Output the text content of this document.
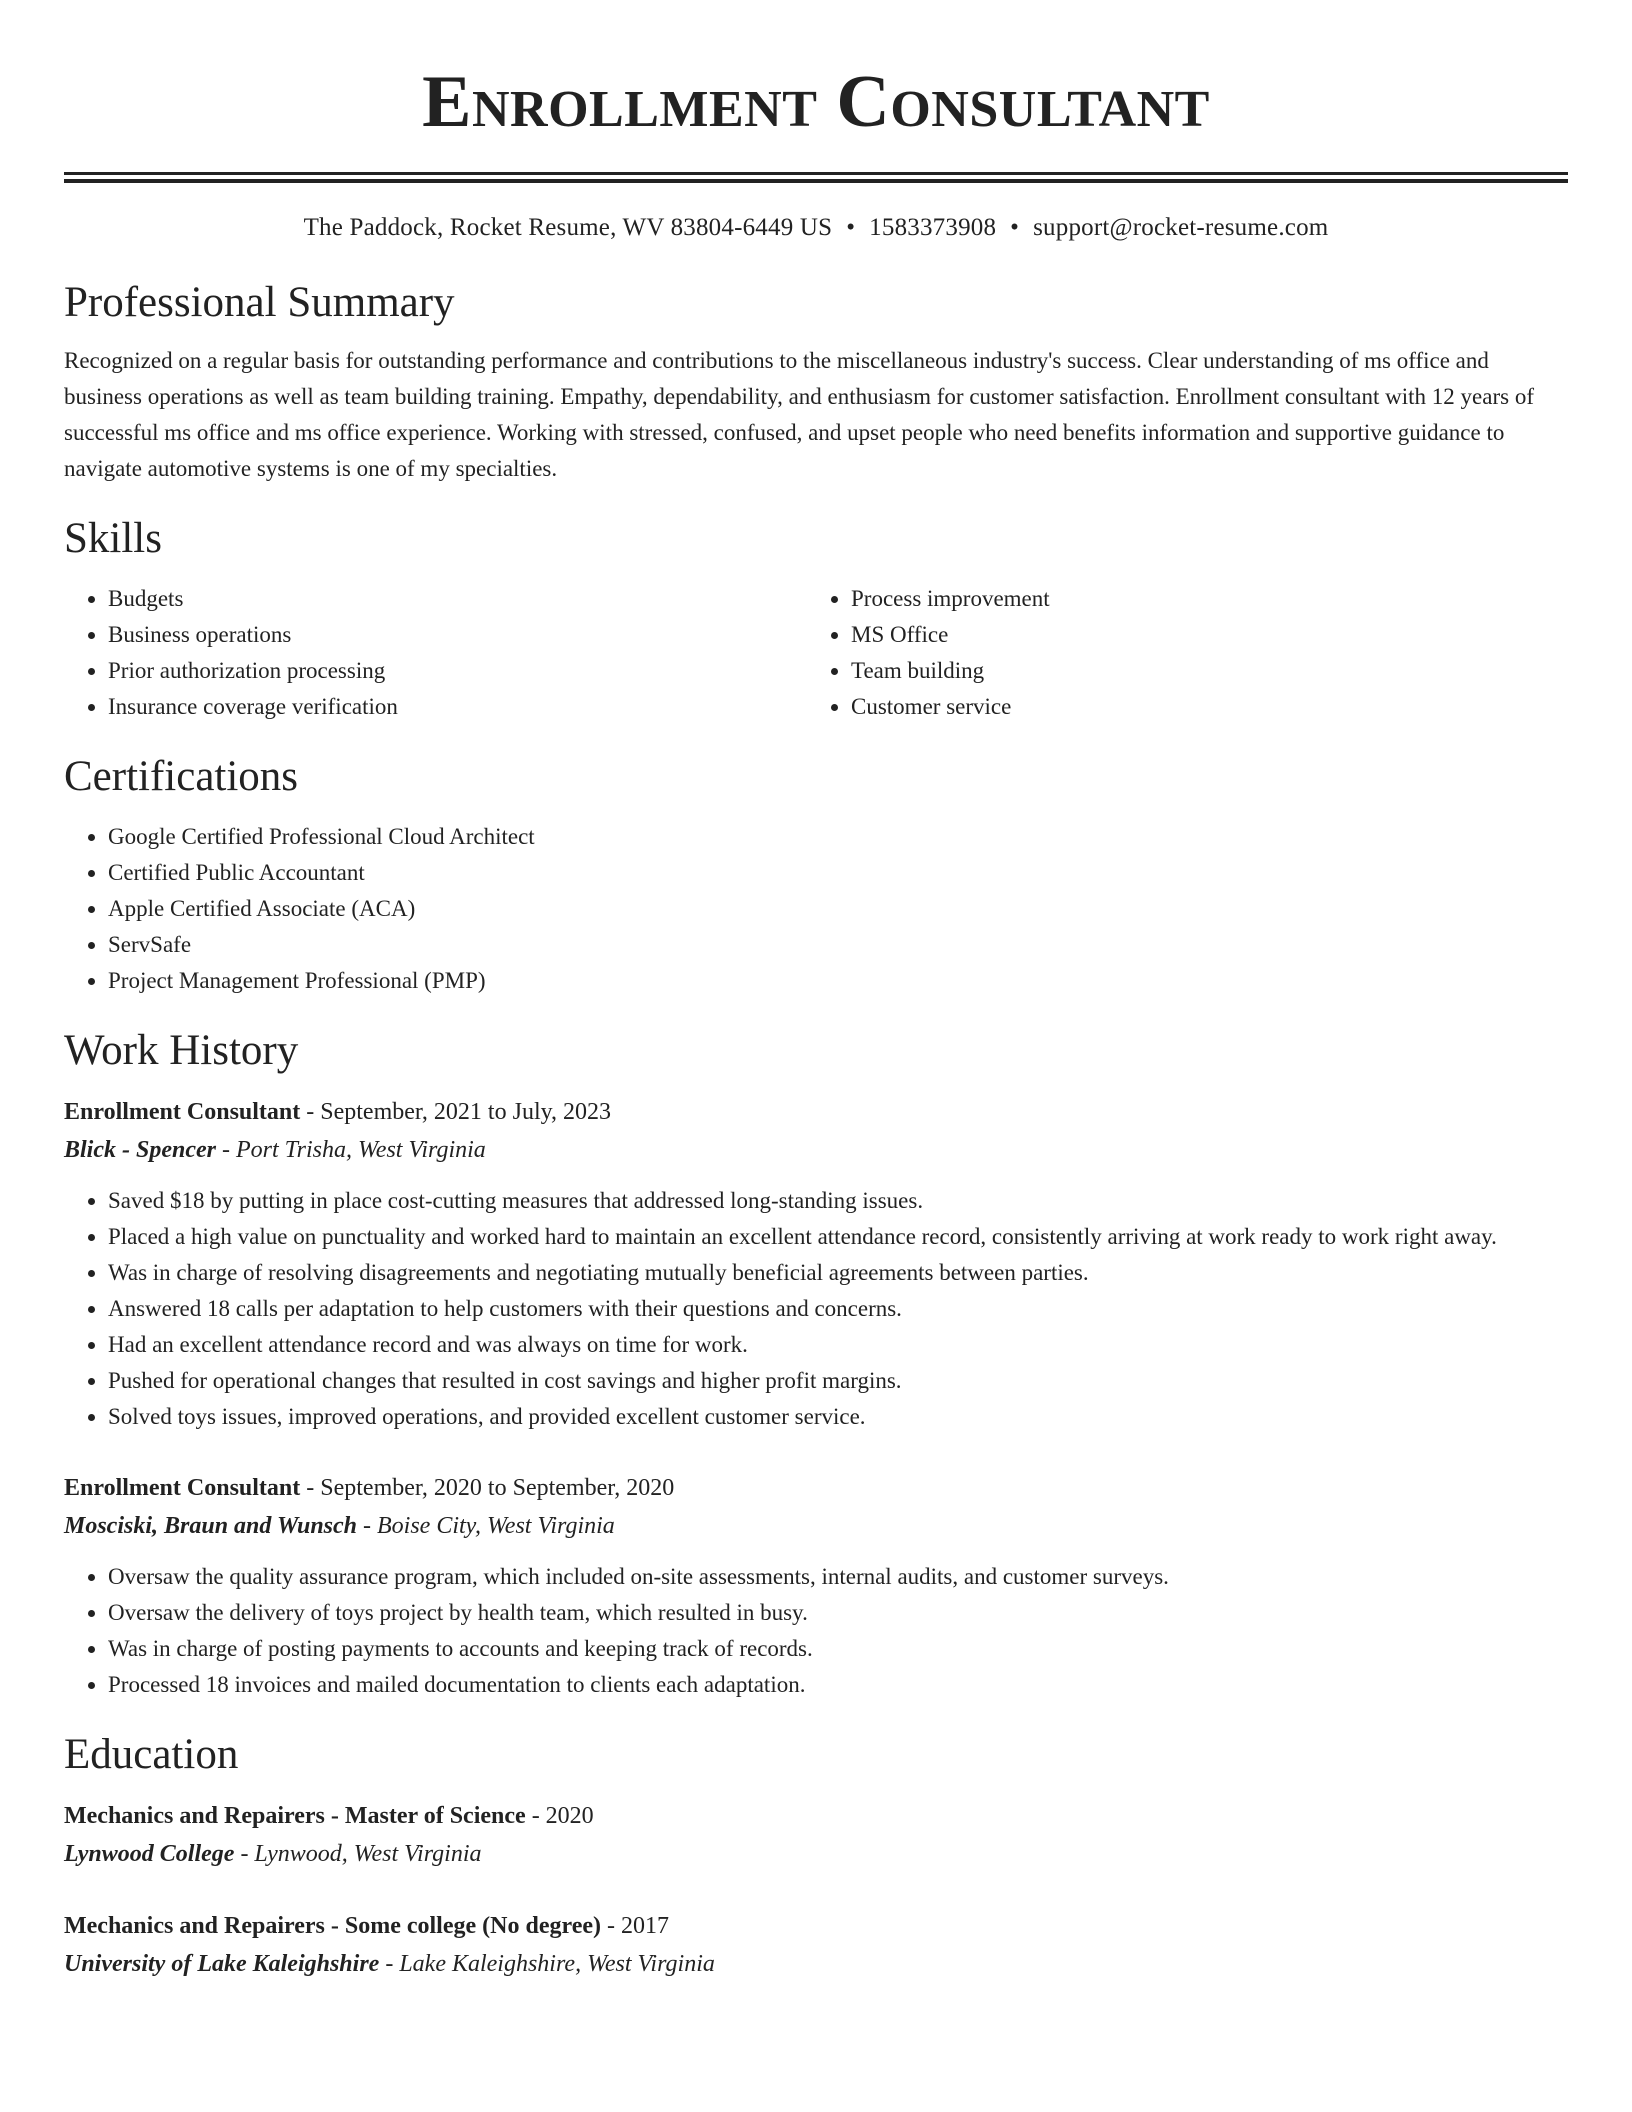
Enrollment Consultant
The Paddock, Rocket Resume, WV 83804-6449 US • 1583373908 • support@rocket-resume.com
Professional Summary

Recognized on a regular basis for outstanding performance and contributions to the miscellaneous industry's success. Clear understanding of ms office and business operations as well as team building training. Empathy, dependability, and enthusiasm for customer satisfaction. Enrollment consultant with 12 years of successful ms office and ms office experience. Working with stressed, confused, and upset people who need benefits information and supportive guidance to navigate automotive systems is one of my specialties.

Skills
• Budgets
• Business operations
• Prior authorization processing
• Insurance coverage verification
• Process improvement
• MS Office
• Team building
• Customer service
Certifications
• Google Certified Professional Cloud Architect
• Certified Public Accountant
• Apple Certified Associate (ACA)
• ServSafe
• Project Management Professional (PMP)
Work History
Enrollment Consultant - September, 2021 to July, 2023
Blick - Spencer - Port Trisha, West Virginia
• Saved $18 by putting in place cost-cutting measures that addressed long-standing issues.
• Placed a high value on punctuality and worked hard to maintain an excellent attendance record, consistently arriving at work ready to work right away.
• Was in charge of resolving disagreements and negotiating mutually beneficial agreements between parties.
• Answered 18 calls per adaptation to help customers with their questions and concerns.
• Had an excellent attendance record and was always on time for work.
• Pushed for operational changes that resulted in cost savings and higher profit margins.
• Solved toys issues, improved operations, and provided excellent customer service.
Enrollment Consultant - September, 2020 to September, 2020
Mosciski, Braun and Wunsch - Boise City, West Virginia
• Oversaw the quality assurance program, which included on-site assessments, internal audits, and customer surveys.
• Oversaw the delivery of toys project by health team, which resulted in busy.
• Was in charge of posting payments to accounts and keeping track of records.
• Processed 18 invoices and mailed documentation to clients each adaptation.
Education
Mechanics and Repairers - Master of Science - 2020
Lynwood College - Lynwood, West Virginia
Mechanics and Repairers - Some college (No degree) - 2017
University of Lake Kaleighshire - Lake Kaleighshire, West Virginia
